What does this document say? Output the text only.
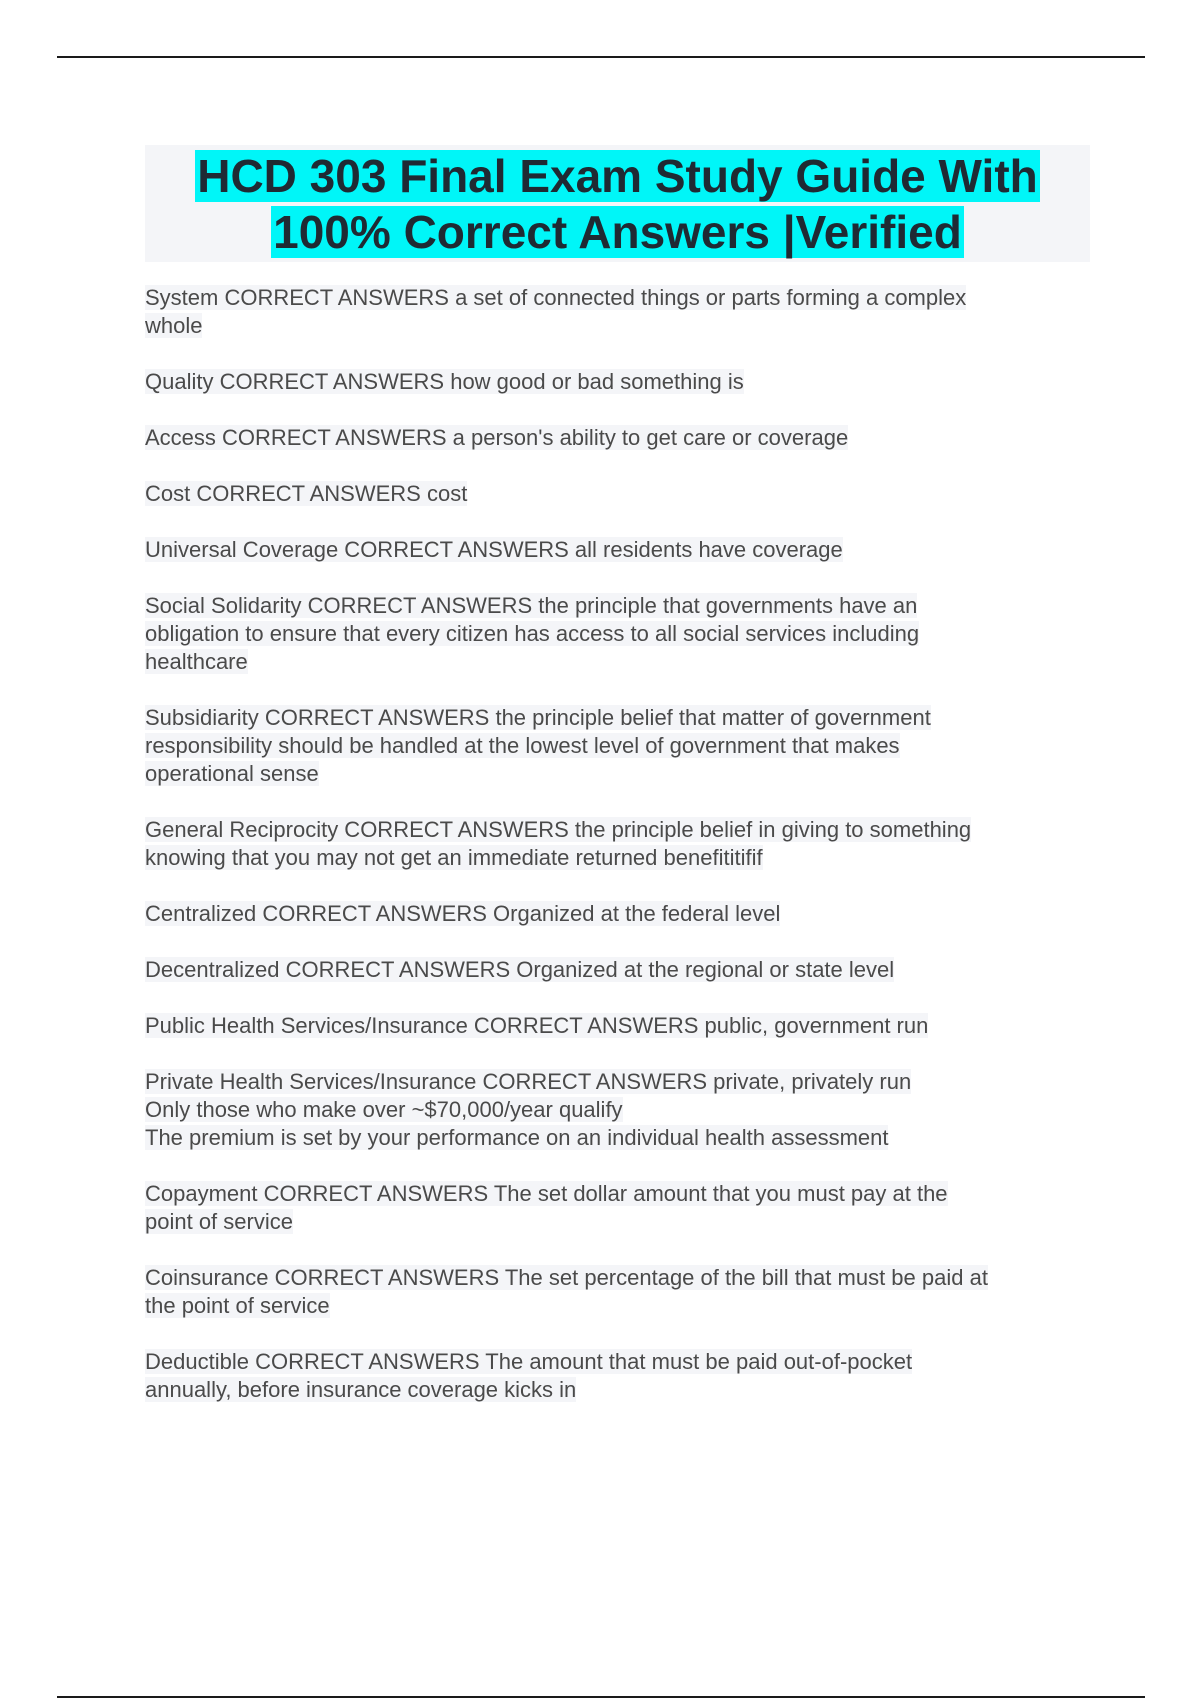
HCD 303 Final Exam Study Guide With
100% Correct Answers |Verified
System CORRECT ANSWERS a set of connected things or parts forming a complex
whole
Quality CORRECT ANSWERS how good or bad something is
Access CORRECT ANSWERS a person's ability to get care or coverage
Cost CORRECT ANSWERS cost
Universal Coverage CORRECT ANSWERS all residents have coverage
Social Solidarity CORRECT ANSWERS the principle that governments have an
obligation to ensure that every citizen has access to all social services including
healthcare
Subsidiarity CORRECT ANSWERS the principle belief that matter of government
responsibility should be handled at the lowest level of government that makes
operational sense
General Reciprocity CORRECT ANSWERS the principle belief in giving to something
knowing that you may not get an immediate returned benefititifif
Centralized CORRECT ANSWERS Organized at the federal level
Decentralized CORRECT ANSWERS Organized at the regional or state level
Public Health Services/Insurance CORRECT ANSWERS public, government run
Private Health Services/Insurance CORRECT ANSWERS private, privately run
Only those who make over ~$70,000/year qualify
The premium is set by your performance on an individual health assessment
Copayment CORRECT ANSWERS The set dollar amount that you must pay at the
point of service
Coinsurance CORRECT ANSWERS The set percentage of the bill that must be paid at
the point of service
Deductible CORRECT ANSWERS The amount that must be paid out-of-pocket
annually, before insurance coverage kicks in
